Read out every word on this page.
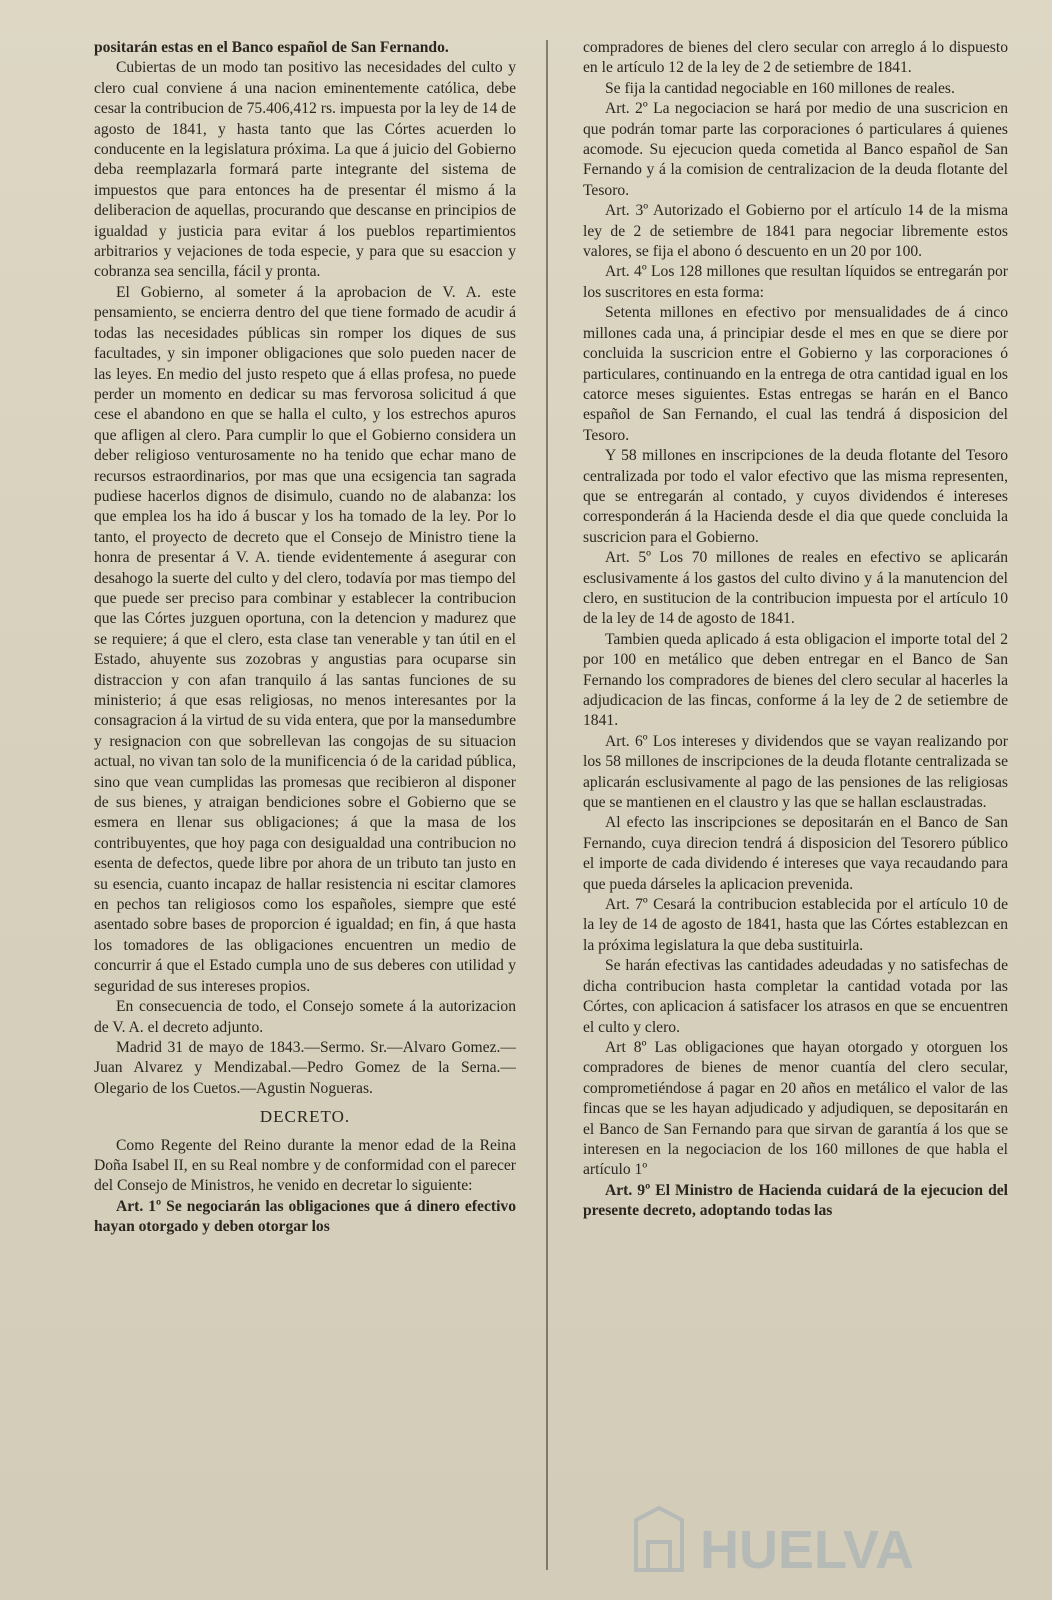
positarán estas en el Banco español de San Fernando.

Cubiertas de un modo tan positivo las necesidades del culto y clero cual conviene á una nacion eminentemente católica, debe cesar la contribucion de 75.406,412 rs. impuesta por la ley de 14 de agosto de 1841, y hasta tanto que las Córtes acuerden lo conducente en la legislatura próxima. La que á juicio del Gobierno deba reemplazarla formará parte integrante del sistema de impuestos que para entonces ha de presentar él mismo á la deliberacion de aquellas, procurando que descanse en principios de igualdad y justicia para evitar á los pueblos repartimientos arbitrarios y vejaciones de toda especie, y para que su esaccion y cobranza sea sencilla, fácil y pronta.

El Gobierno, al someter á la aprobacion de V. A. este pensamiento, se encierra dentro del que tiene formado de acudir á todas las necesidades públicas sin romper los diques de sus facultades, y sin imponer obligaciones que solo pueden nacer de las leyes. En medio del justo respeto que á ellas profesa, no puede perder un momento en dedicar su mas fervorosa solicitud á que cese el abandono en que se halla el culto, y los estrechos apuros que afligen al clero. Para cumplir lo que el Gobierno considera un deber religioso venturosamente no ha tenido que echar mano de recursos estraordinarios, por mas que una ecsigencia tan sagrada pudiese hacerlos dignos de disimulo, cuando no de alabanza: los que emplea los ha ido á buscar y los ha tomado de la ley. Por lo tanto, el proyecto de decreto que el Consejo de Ministro tiene la honra de presentar á V. A. tiende evidentemente á asegurar con desahogo la suerte del culto y del clero, todavía por mas tiempo del que puede ser preciso para combinar y establecer la contribucion que las Córtes juzguen oportuna, con la detencion y madurez que se requiere; á que el clero, esta clase tan venerable y tan útil en el Estado, ahuyente sus zozobras y angustias para ocuparse sin distraccion y con afan tranquilo á las santas funciones de su ministerio; á que esas religiosas, no menos interesantes por la consagracion á la virtud de su vida entera, que por la mansedumbre y resignacion con que sobrellevan las congojas de su situacion actual, no vivan tan solo de la munificencia ó de la caridad pública, sino que vean cumplidas las promesas que recibieron al disponer de sus bienes, y atraigan bendiciones sobre el Gobierno que se esmera en llenar sus obligaciones; á que la masa de los contribuyentes, que hoy paga con desigualdad una contribucion no esenta de defectos, quede libre por ahora de un tributo tan justo en su esencia, cuanto incapaz de hallar resistencia ni escitar clamores en pechos tan religiosos como los españoles, siempre que esté asentado sobre bases de proporcion é igualdad; en fin, á que hasta los tomadores de las obligaciones encuentren un medio de concurrir á que el Estado cumpla uno de sus deberes con utilidad y seguridad de sus intereses propios.

En consecuencia de todo, el Consejo somete á la autorizacion de V. A. el decreto adjunto.

Madrid 31 de mayo de 1843.—Sermo. Sr.—Alvaro Gomez.—Juan Alvarez y Mendizabal.—Pedro Gomez de la Serna.—Olegario de los Cuetos.—Agustin Nogueras.

DECRETO.

Como Regente del Reino durante la menor edad de la Reina Doña Isabel II, en su Real nombre y de conformidad con el parecer del Consejo de Ministros, he venido en decretar lo siguiente:

Art. 1º Se negociarán las obligaciones que á dinero efectivo hayan otorgado y deben otorgar los

compradores de bienes del clero secular con arreglo á lo dispuesto en le artículo 12 de la ley de 2 de setiembre de 1841.

Se fija la cantidad negociable en 160 millones de reales.

Art. 2º La negociacion se hará por medio de una suscricion en que podrán tomar parte las corporaciones ó particulares á quienes acomode. Su ejecucion queda cometida al Banco español de San Fernando y á la comision de centralizacion de la deuda flotante del Tesoro.

Art. 3º Autorizado el Gobierno por el artículo 14 de la misma ley de 2 de setiembre de 1841 para negociar libremente estos valores, se fija el abono ó descuento en un 20 por 100.

Art. 4º Los 128 millones que resultan líquidos se entregarán por los suscritores en esta forma:

Setenta millones en efectivo por mensualidades de á cinco millones cada una, á principiar desde el mes en que se diere por concluida la suscricion entre el Gobierno y las corporaciones ó particulares, continuando en la entrega de otra cantidad igual en los catorce meses siguientes. Estas entregas se harán en el Banco español de San Fernando, el cual las tendrá á disposicion del Tesoro.

Y 58 millones en inscripciones de la deuda flotante del Tesoro centralizada por todo el valor efectivo que las misma representen, que se entregarán al contado, y cuyos dividendos é intereses corresponderán á la Hacienda desde el dia que quede concluida la suscricion para el Gobierno.

Art. 5º Los 70 millones de reales en efectivo se aplicarán esclusivamente á los gastos del culto divino y á la manutencion del clero, en sustitucion de la contribucion impuesta por el artículo 10 de la ley de 14 de agosto de 1841.

Tambien queda aplicado á esta obligacion el importe total del 2 por 100 en metálico que deben entregar en el Banco de San Fernando los compradores de bienes del clero secular al hacerles la adjudicacion de las fincas, conforme á la ley de 2 de setiembre de 1841.

Art. 6º Los intereses y dividendos que se vayan realizando por los 58 millones de inscripciones de la deuda flotante centralizada se aplicarán esclusivamente al pago de las pensiones de las religiosas que se mantienen en el claustro y las que se hallan esclaustradas.

Al efecto las inscripciones se depositarán en el Banco de San Fernando, cuya direcion tendrá á disposicion del Tesorero público el importe de cada dividendo é intereses que vaya recaudando para que pueda dárseles la aplicacion prevenida.

Art. 7º Cesará la contribucion establecida por el artículo 10 de la ley de 14 de agosto de 1841, hasta que las Córtes establezcan en la próxima legislatura la que deba sustituirla.

Se harán efectivas las cantidades adeudadas y no satisfechas de dicha contribucion hasta completar la cantidad votada por las Córtes, con aplicacion á satisfacer los atrasos en que se encuentren el culto y clero.

Art 8º Las obligaciones que hayan otorgado y otorguen los compradores de bienes de menor cuantía del clero secular, comprometiéndose á pagar en 20 años en metálico el valor de las fincas que se les hayan adjudicado y adjudiquen, se depositarán en el Banco de San Fernando para que sirvan de garantía á los que se interesen en la negociacion de los 160 millones de que habla el artículo 1º

Art. 9º El Ministro de Hacienda cuidará de la ejecucion del presente decreto, adoptando todas las

HUELVA
